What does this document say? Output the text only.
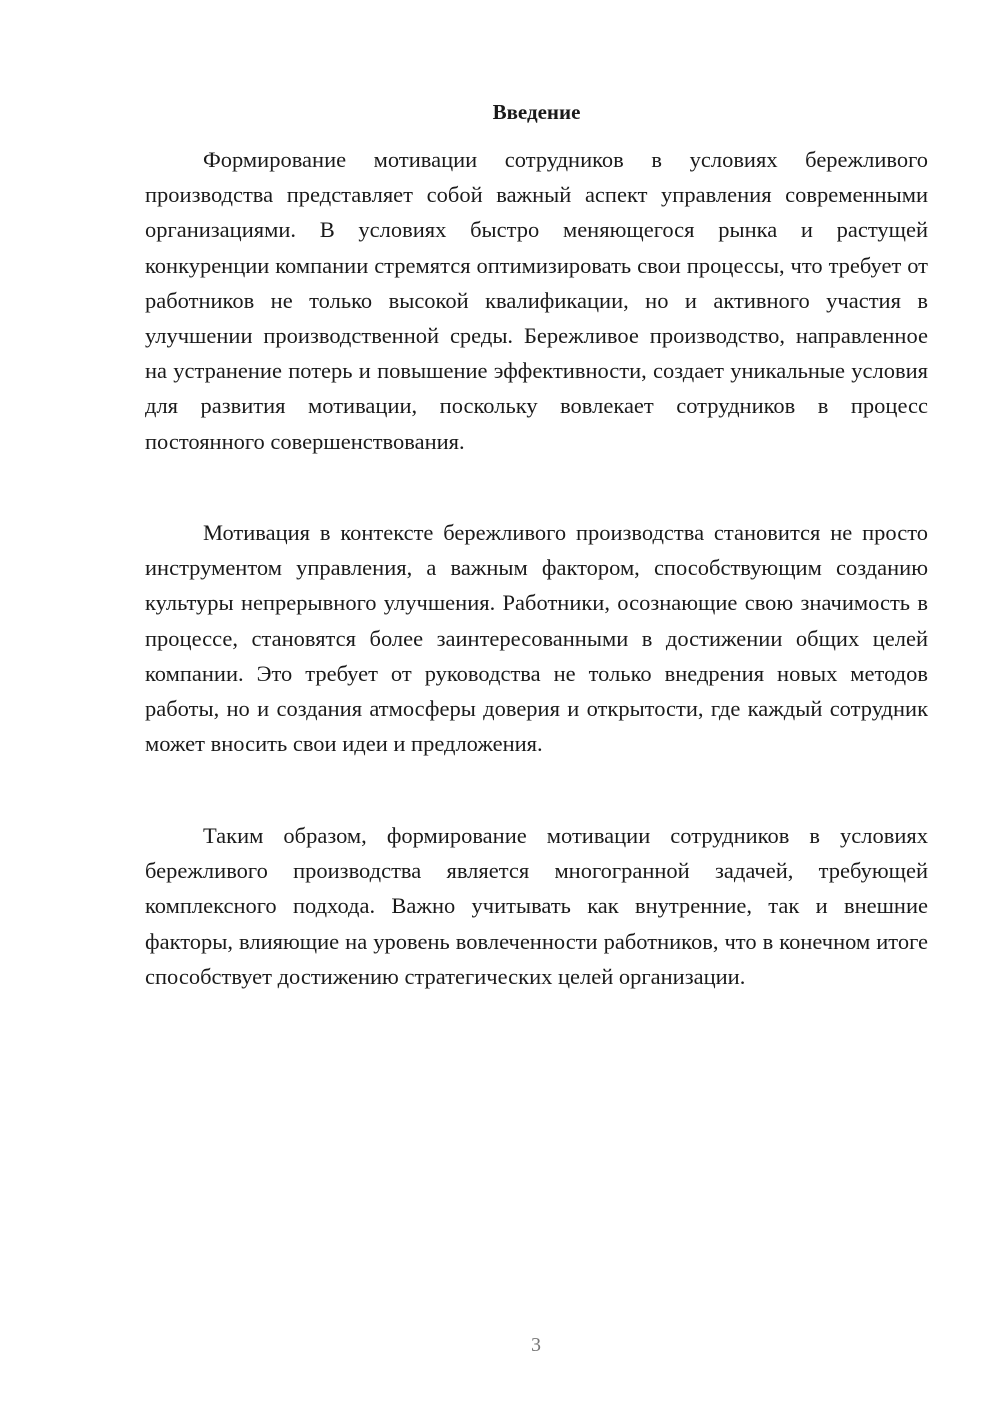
Введение

Формирование мотивации сотрудников в условиях бережливого производства представляет собой важный аспект управления современными организациями. В условиях быстро меняющегося рынка и растущей конкуренции компании стремятся оптимизировать свои процессы, что требует от работников не только высокой квалификации, но и активного участия в улучшении производственной среды. Бережливое производство, направленное на устранение потерь и повышение эффективности, создает уникальные условия для развития мотивации, поскольку вовлекает сотрудников в процесс постоянного совершенствования.

Мотивация в контексте бережливого производства становится не просто инструментом управления, а важным фактором, способствующим созданию культуры непрерывного улучшения. Работники, осознающие свою значимость в процессе, становятся более заинтересованными в достижении общих целей компании. Это требует от руководства не только внедрения новых методов работы, но и создания атмосферы доверия и открытости, где каждый сотрудник может вносить свои идеи и предложения.

Таким образом, формирование мотивации сотрудников в условиях бережливого производства является многогранной задачей, требующей комплексного подхода. Важно учитывать как внутренние, так и внешние факторы, влияющие на уровень вовлеченности работников, что в конечном итоге способствует достижению стратегических целей организации.

3
